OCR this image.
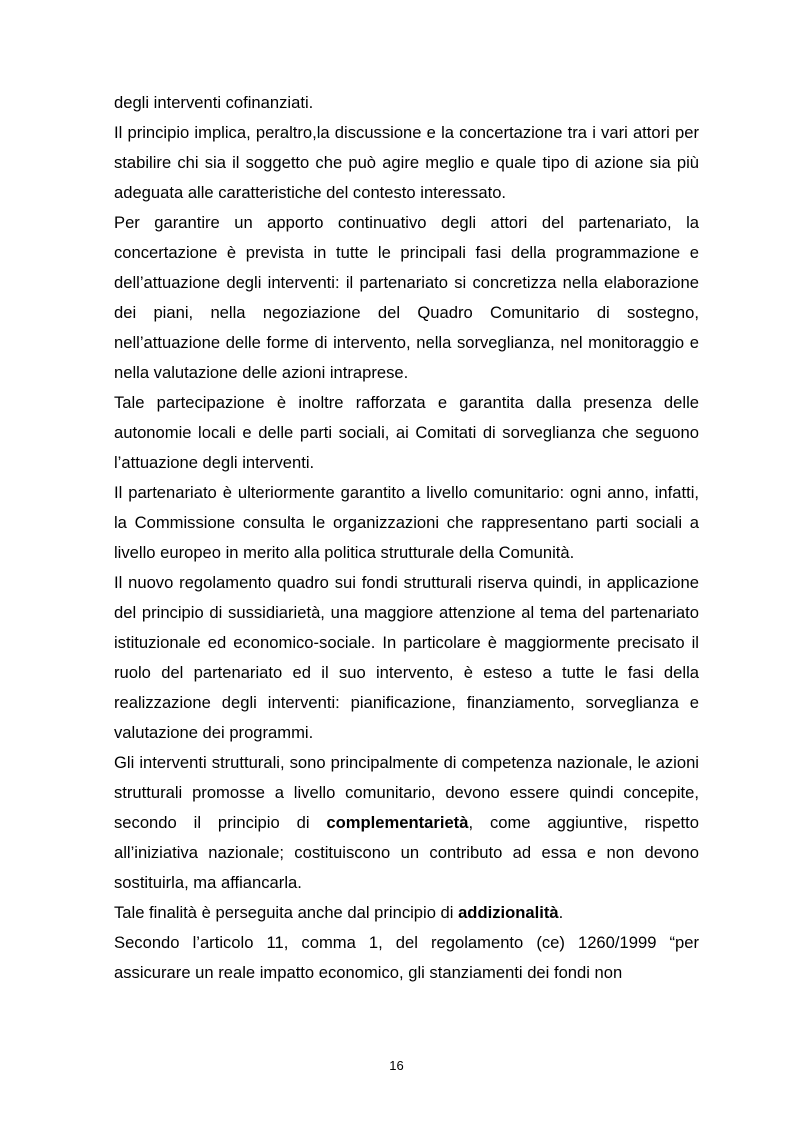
degli interventi cofinanziati.

Il principio implica, peraltro,la discussione e la concertazione tra i vari attori per stabilire chi sia il soggetto che può agire meglio e quale tipo di azione sia più adeguata alle caratteristiche del contesto interessato.

Per garantire un apporto continuativo degli attori del partenariato, la concertazione è prevista in tutte le principali fasi della programmazione e dell’attuazione degli interventi: il partenariato si concretizza nella elaborazione dei piani, nella negoziazione del Quadro Comunitario di sostegno, nell’attuazione delle forme di intervento, nella sorveglianza, nel monitoraggio e nella valutazione delle azioni intraprese.

Tale partecipazione è inoltre rafforzata e garantita dalla presenza delle autonomie locali e delle parti sociali, ai Comitati di sorveglianza che seguono l’attuazione degli interventi.

Il partenariato è ulteriormente garantito a livello comunitario: ogni anno, infatti, la Commissione consulta le organizzazioni che rappresentano parti sociali a livello europeo in merito alla politica strutturale della Comunità.

Il nuovo regolamento quadro sui fondi strutturali riserva quindi, in applicazione del principio di sussidiarietà, una maggiore attenzione al tema del partenariato istituzionale ed economico-sociale. In particolare è maggiormente precisato il ruolo del partenariato ed il suo intervento, è esteso a tutte le fasi della realizzazione degli interventi: pianificazione, finanziamento, sorveglianza e valutazione dei programmi.

Gli interventi strutturali, sono principalmente di competenza nazionale, le azioni strutturali promosse a livello comunitario, devono essere quindi concepite, secondo il principio di complementarietà, come aggiuntive, rispetto all’iniziativa nazionale; costituiscono un contributo ad essa e non devono sostituirla, ma affiancarla.

Tale finalità è perseguita anche dal principio di addizionalità.

Secondo l’articolo 11, comma 1, del regolamento (ce) 1260/1999 “per assicurare un reale impatto economico, gli stanziamenti dei fondi non

16
